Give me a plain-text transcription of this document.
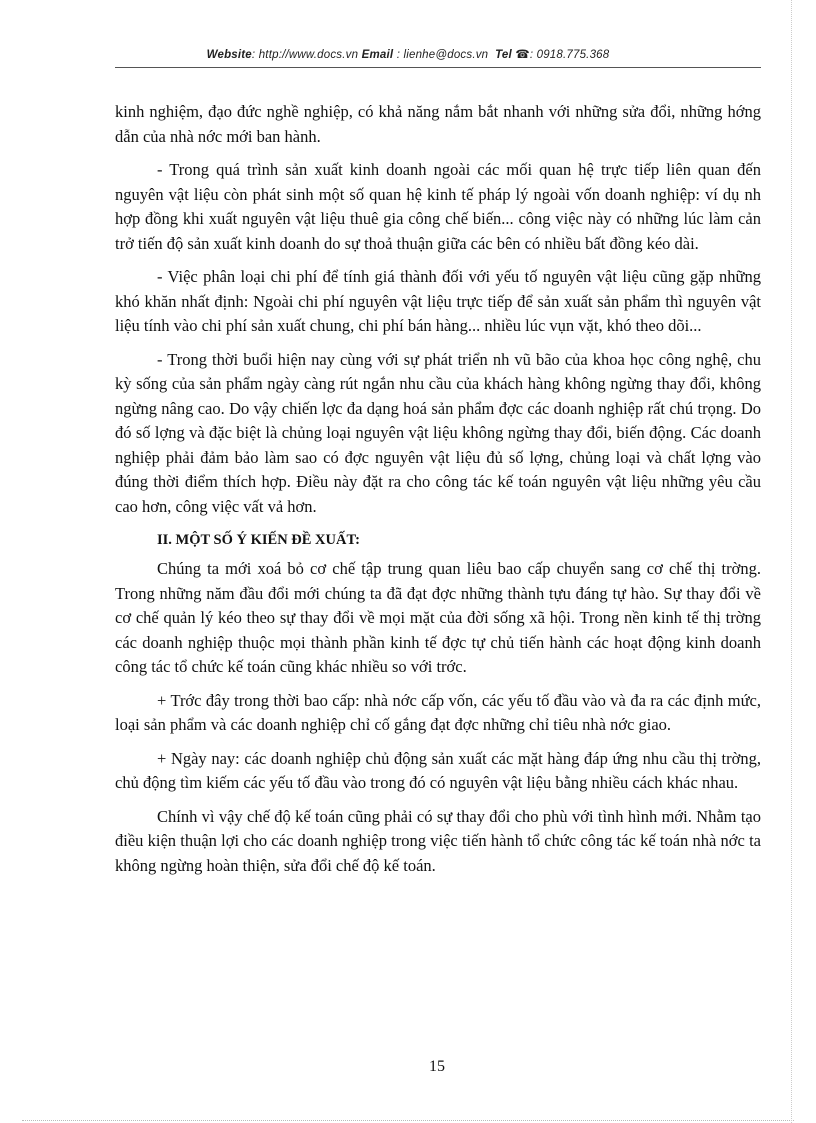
Website: http://www.docs.vn Email : lienhe@docs.vn Tel ☎: 0918.775.368

kinh nghiệm, đạo đức nghề nghiệp, có khả năng nắm bắt nhanh với những sửa đổi, những hớng dẫn của nhà nớc mới ban hành.

- Trong quá trình sản xuất kinh doanh ngoài các mối quan hệ trực tiếp liên quan đến nguyên vật liệu còn phát sinh một số quan hệ kinh tế pháp lý ngoài vốn doanh nghiệp: ví dụ nh hợp đồng khi xuất nguyên vật liệu thuê gia công chế biến... công việc này có những lúc làm cản trở tiến độ sản xuất kinh doanh do sự thoả thuận giữa các bên có nhiều bất đồng kéo dài.

- Việc phân loại chi phí để tính giá thành đối với yếu tố nguyên vật liệu cũng gặp những khó khăn nhất định: Ngoài chi phí nguyên vật liệu trực tiếp để sản xuất sản phẩm thì nguyên vật liệu tính vào chi phí sản xuất chung, chi phí bán hàng... nhiều lúc vụn vặt, khó theo dõi...

- Trong thời buổi hiện nay cùng với sự phát triển nh vũ bão của khoa học công nghệ, chu kỳ sống của sản phẩm ngày càng rút ngắn nhu cầu của khách hàng không ngừng thay đổi, không ngừng nâng cao. Do vậy chiến lợc đa dạng hoá sản phẩm đợc các doanh nghiệp rất chú trọng. Do đó số lợng và đặc biệt là chủng loại nguyên vật liệu không ngừng thay đổi, biến động. Các doanh nghiệp phải đảm bảo làm sao có đợc nguyên vật liệu đủ số lợng, chủng loại và chất lợng vào đúng thời điểm thích hợp. Điều này đặt ra cho công tác kế toán nguyên vật liệu những yêu cầu cao hơn, công việc vất vả hơn.

II. MỘT SỐ Ý KIẾN ĐỀ XUẤT:

Chúng ta mới xoá bỏ cơ chế tập trung quan liêu bao cấp chuyển sang cơ chế thị trờng. Trong những năm đầu đổi mới chúng ta đã đạt đợc những thành tựu đáng tự hào. Sự thay đổi về cơ chế quản lý kéo theo sự thay đổi về mọi mặt của đời sống xã hội. Trong nền kinh tế thị trờng các doanh nghiệp thuộc mọi thành phần kinh tế đợc tự chủ tiến hành các hoạt động kinh doanh công tác tổ chức kế toán cũng khác nhiều so với trớc.

+ Trớc đây trong thời bao cấp: nhà nớc cấp vốn, các yếu tố đầu vào và đa ra các định mức, loại sản phẩm và các doanh nghiệp chỉ cố gắng đạt đợc những chỉ tiêu nhà nớc giao.

+ Ngày nay: các doanh nghiệp chủ động sản xuất các mặt hàng đáp ứng nhu cầu thị trờng, chủ động tìm kiếm các yếu tố đầu vào trong đó có nguyên vật liệu bằng nhiều cách khác nhau.

Chính vì vậy chế độ kế toán cũng phải có sự thay đổi cho phù với tình hình mới. Nhằm tạo điều kiện thuận lợi cho các doanh nghiệp trong việc tiến hành tổ chức công tác kế toán nhà nớc ta không ngừng hoàn thiện, sửa đổi chế độ kế toán.

15
